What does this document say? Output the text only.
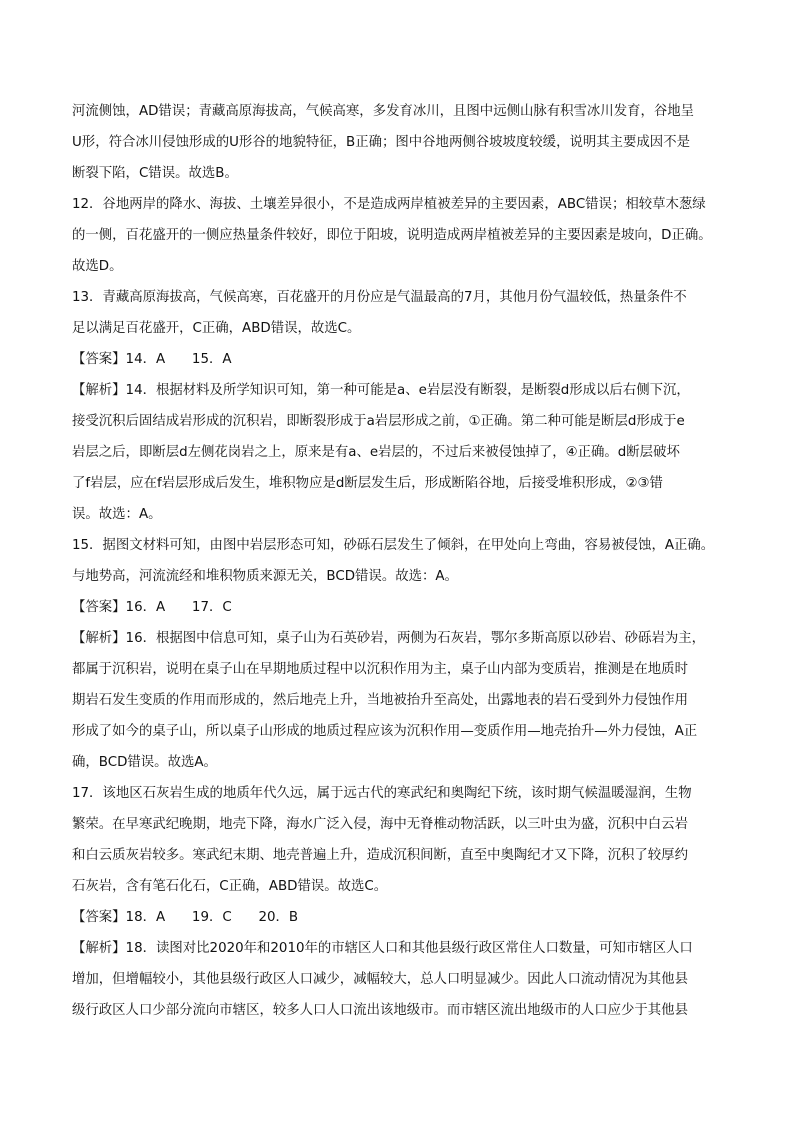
河流侧蚀，AD错误；青藏高原海拔高，气候高寒，多发育冰川，且图中远侧山脉有积雪冰川发育，谷地呈
U形，符合冰川侵蚀形成的U形谷的地貌特征，B正确；图中谷地两侧谷坡坡度较缓，说明其主要成因不是
断裂下陷，C错误。故选B。
12．谷地两岸的降水、海拔、土壤差异很小，不是造成两岸植被差异的主要因素，ABC错误；相较草木葱绿
的一侧，百花盛开的一侧应热量条件较好，即位于阳坡，说明造成两岸植被差异的主要因素是坡向，D正确。
故选D。
13．青藏高原海拔高，气候高寒，百花盛开的月份应是气温最高的7月，其他月份气温较低，热量条件不
足以满足百花盛开，C正确，ABD错误，故选C。
【答案】14．A　　15．A
【解析】14．根据材料及所学知识可知，第一种可能是a、e岩层没有断裂，是断裂d形成以后右侧下沉，
接受沉积后固结成岩形成的沉积岩，即断裂形成于a岩层形成之前，①正确。第二种可能是断层d形成于e
岩层之后，即断层d左侧花岗岩之上，原来是有a、e岩层的，不过后来被侵蚀掉了，④正确。d断层破坏
了f岩层，应在f岩层形成后发生，堆积物应是d断层发生后，形成断陷谷地，后接受堆积形成，②③错
误。故选：A。
15．据图文材料可知，由图中岩层形态可知，砂砾石层发生了倾斜，在甲处向上弯曲，容易被侵蚀，A正确。
与地势高，河流流经和堆积物质来源无关，BCD错误。故选：A。
【答案】16．A　　17．C
【解析】16．根据图中信息可知，桌子山为石英砂岩，两侧为石灰岩，鄂尔多斯高原以砂岩、砂砾岩为主，
都属于沉积岩，说明在桌子山在早期地质过程中以沉积作用为主，桌子山内部为变质岩，推测是在地质时
期岩石发生变质的作用而形成的，然后地壳上升，当地被抬升至高处，出露地表的岩石受到外力侵蚀作用
形成了如今的桌子山，所以桌子山形成的地质过程应该为沉积作用—变质作用—地壳抬升—外力侵蚀，A正
确，BCD错误。故选A。
17．该地区石灰岩生成的地质年代久远，属于远古代的寒武纪和奥陶纪下统，该时期气候温暖湿润，生物
繁荣。在早寒武纪晚期，地壳下降，海水广泛入侵，海中无脊椎动物活跃，以三叶虫为盛，沉积中白云岩
和白云质灰岩较多。寒武纪末期、地壳普遍上升，造成沉积间断，直至中奥陶纪才又下降，沉积了较厚约
石灰岩，含有笔石化石，C正确，ABD错误。故选C。
【答案】18．A　　19．C　　20．B
【解析】18．读图对比2020年和2010年的市辖区人口和其他县级行政区常住人口数量，可知市辖区人口
增加，但增幅较小，其他县级行政区人口减少，减幅较大，总人口明显减少。因此人口流动情况为其他县
级行政区人口少部分流向市辖区，较多人口人口流出该地级市。而市辖区流出地级市的人口应少于其他县
